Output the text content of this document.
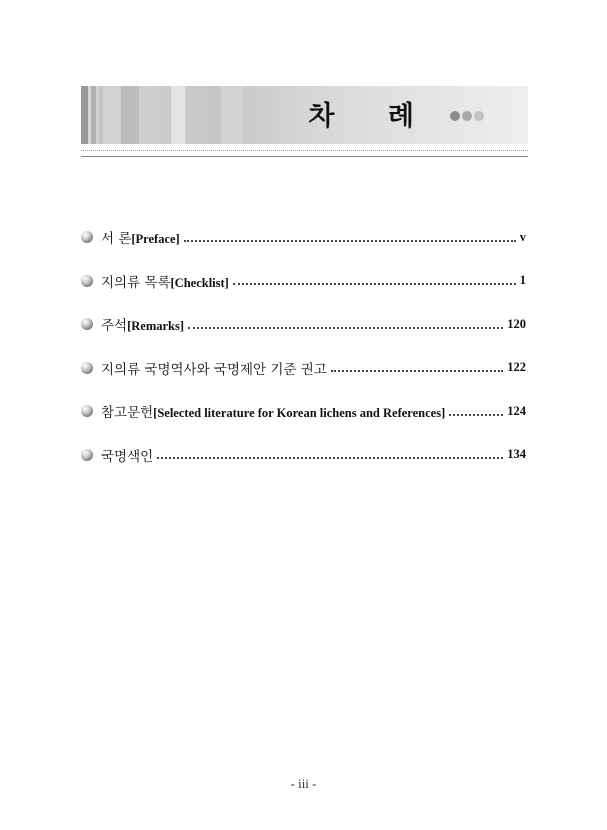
차 례
서 론[Preface]	v
지의류 목록[Checklist]	1
주석[Remarks]	120
지의류 국명역사와 국명제안 기준 권고	122
참고문헌[Selected literature for Korean lichens and References]	124
국명색인	134
- iii -
